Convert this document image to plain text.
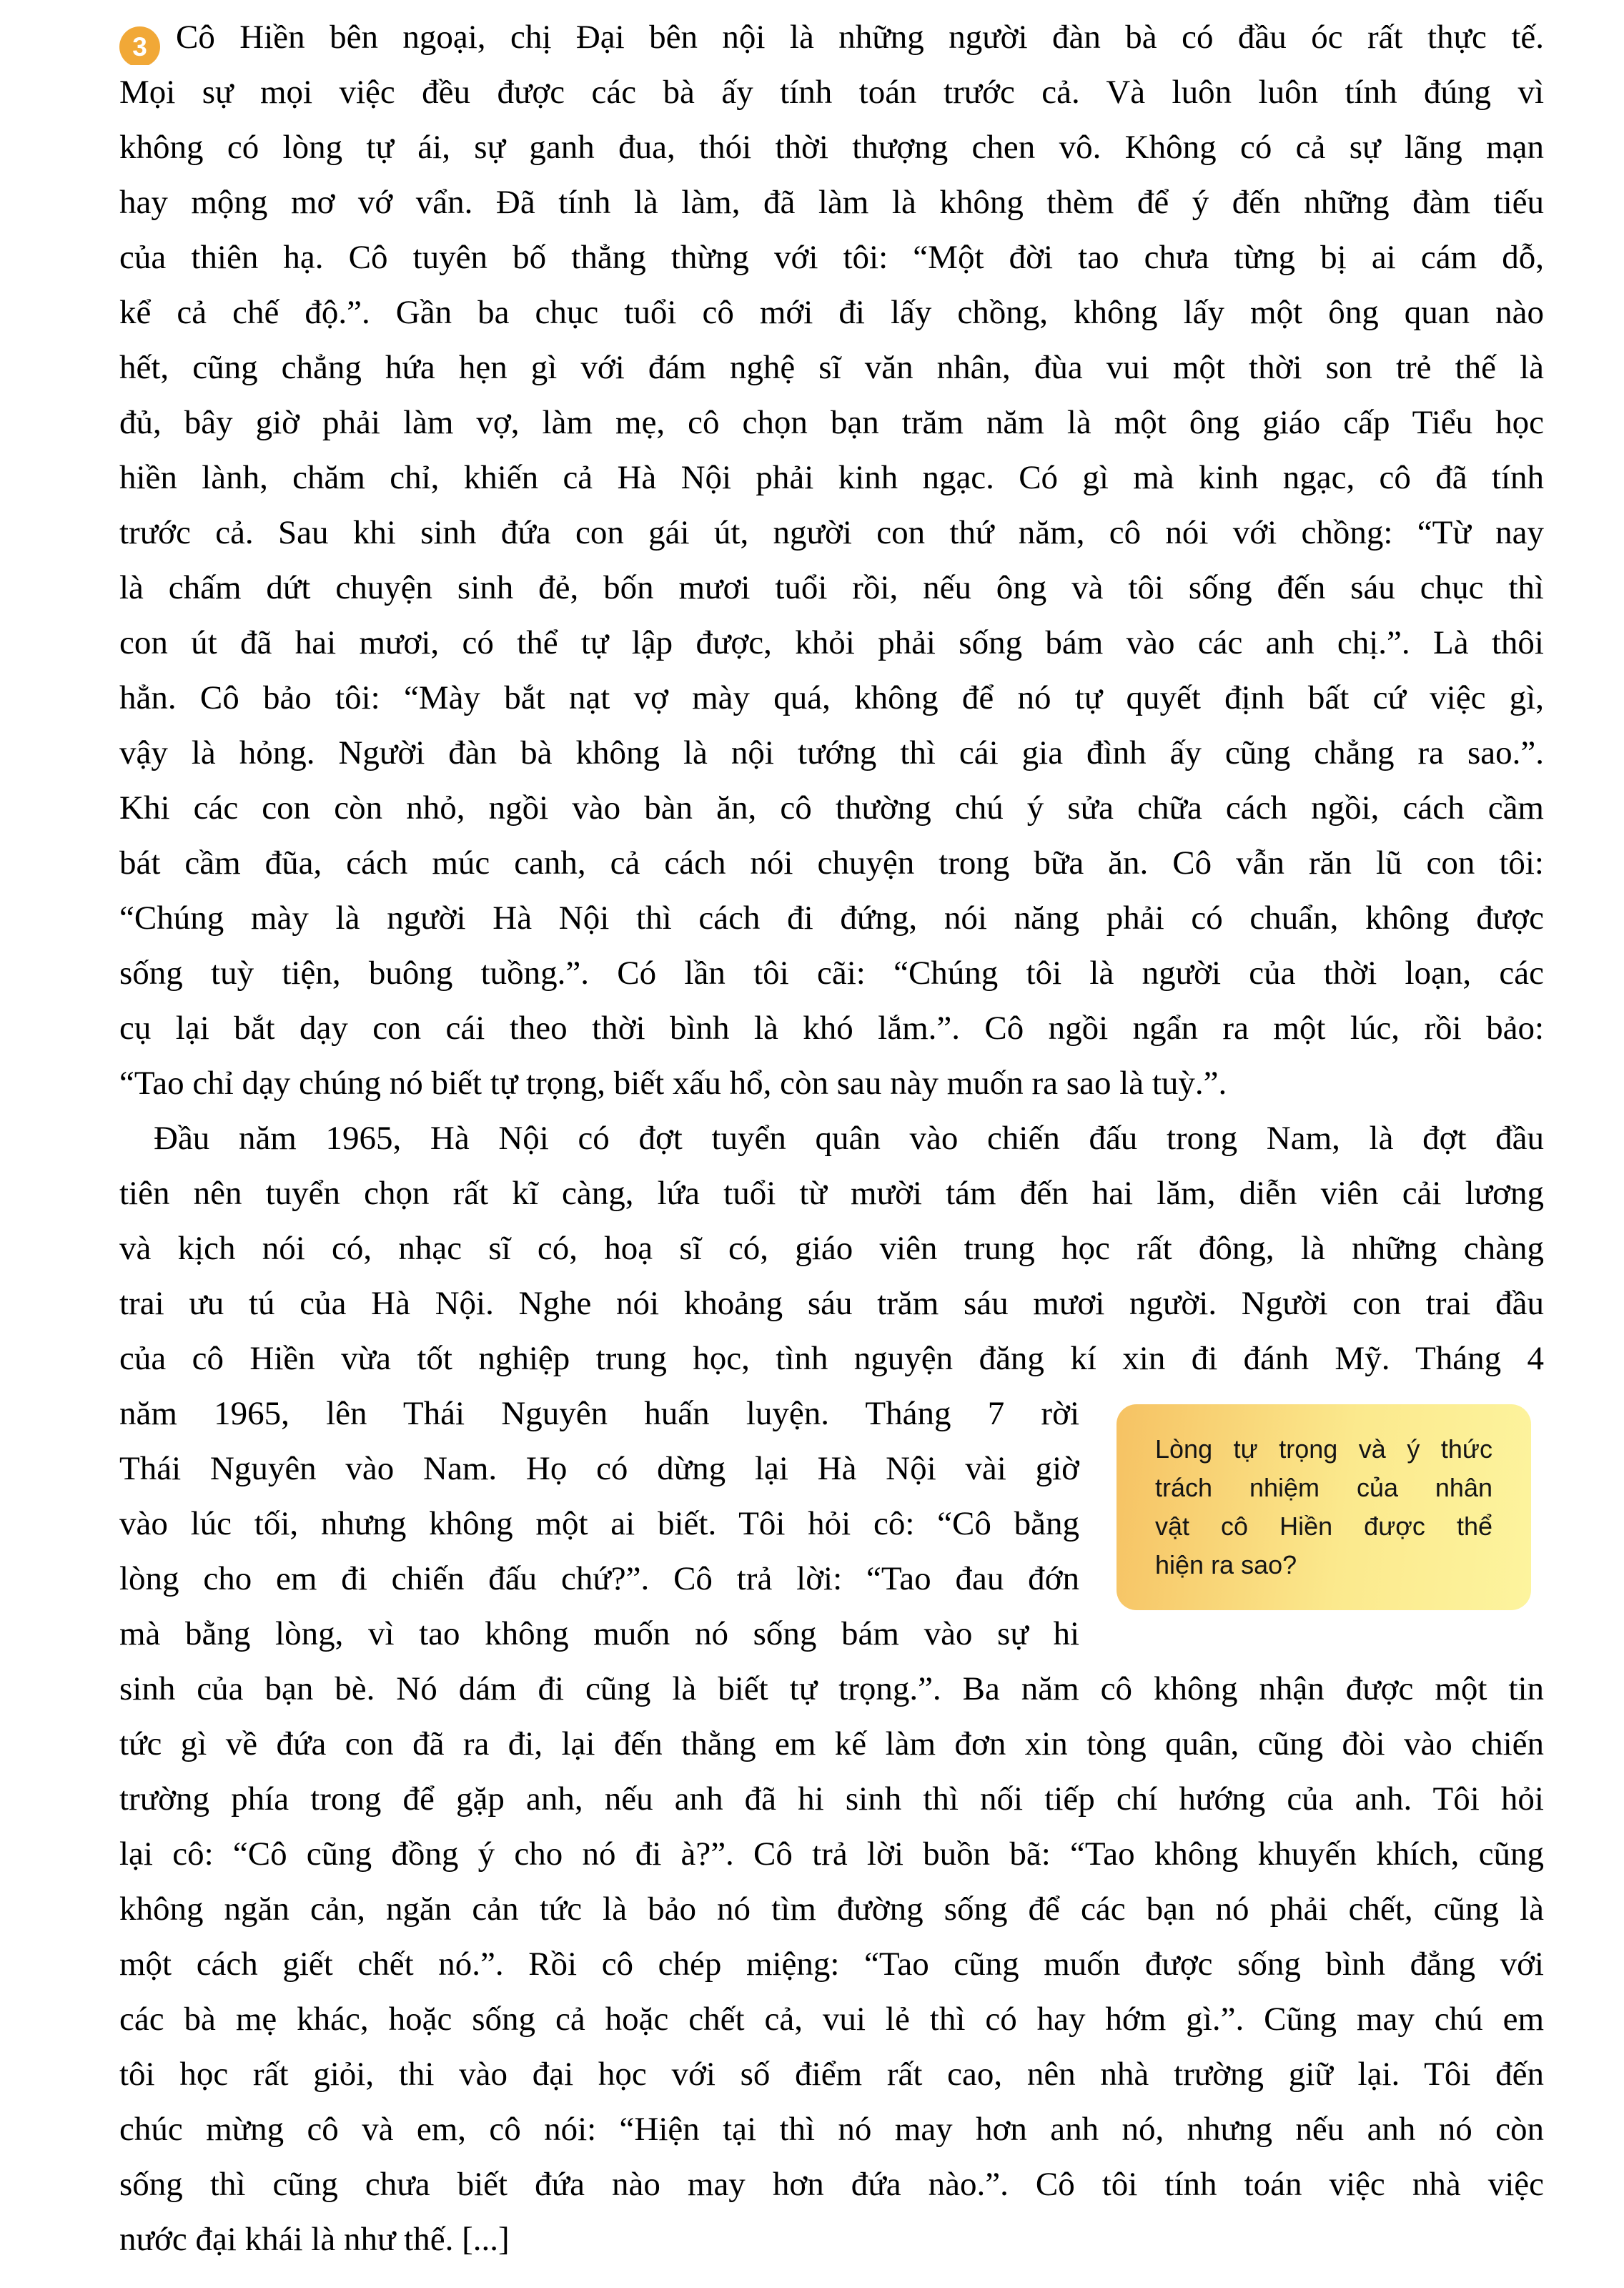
3 Cô Hiền bên ngoại, chị Đại bên nội là những người đàn bà có đầu óc rất thực tế.
Mọi sự mọi việc đều được các bà ấy tính toán trước cả. Và luôn luôn tính đúng vì
không có lòng tự ái, sự ganh đua, thói thời thượng chen vô. Không có cả sự lãng mạn
hay mộng mơ vớ vẩn. Đã tính là làm, đã làm là không thèm để ý đến những đàm tiếu
của thiên hạ. Cô tuyên bố thẳng thừng với tôi: “Một đời tao chưa từng bị ai cám dỗ,
kể cả chế độ.”. Gần ba chục tuổi cô mới đi lấy chồng, không lấy một ông quan nào
hết, cũng chẳng hứa hẹn gì với đám nghệ sĩ văn nhân, đùa vui một thời son trẻ thế là
đủ, bây giờ phải làm vợ, làm mẹ, cô chọn bạn trăm năm là một ông giáo cấp Tiểu học
hiền lành, chăm chỉ, khiến cả Hà Nội phải kinh ngạc. Có gì mà kinh ngạc, cô đã tính
trước cả. Sau khi sinh đứa con gái út, người con thứ năm, cô nói với chồng: “Từ nay
là chấm dứt chuyện sinh đẻ, bốn mươi tuổi rồi, nếu ông và tôi sống đến sáu chục thì
con út đã hai mươi, có thể tự lập được, khỏi phải sống bám vào các anh chị.”. Là thôi
hẳn. Cô bảo tôi: “Mày bắt nạt vợ mày quá, không để nó tự quyết định bất cứ việc gì,
vậy là hỏng. Người đàn bà không là nội tướng thì cái gia đình ấy cũng chẳng ra sao.”.
Khi các con còn nhỏ, ngồi vào bàn ăn, cô thường chú ý sửa chữa cách ngồi, cách cầm
bát cầm đũa, cách múc canh, cả cách nói chuyện trong bữa ăn. Cô vẫn răn lũ con tôi:
“Chúng mày là người Hà Nội thì cách đi đứng, nói năng phải có chuẩn, không được
sống tuỳ tiện, buông tuồng.”. Có lần tôi cãi: “Chúng tôi là người của thời loạn, các
cụ lại bắt dạy con cái theo thời bình là khó lắm.”. Cô ngồi ngẩn ra một lúc, rồi bảo:
“Tao chỉ dạy chúng nó biết tự trọng, biết xấu hổ, còn sau này muốn ra sao là tuỳ.”.
Đầu năm 1965, Hà Nội có đợt tuyển quân vào chiến đấu trong Nam, là đợt đầu
tiên nên tuyển chọn rất kĩ càng, lứa tuổi từ mười tám đến hai lăm, diễn viên cải lương
và kịch nói có, nhạc sĩ có, hoạ sĩ có, giáo viên trung học rất đông, là những chàng
trai ưu tú của Hà Nội. Nghe nói khoảng sáu trăm sáu mươi người. Người con trai đầu
của cô Hiền vừa tốt nghiệp trung học, tình nguyện đăng kí xin đi đánh Mỹ. Tháng 4
năm 1965, lên Thái Nguyên huấn luyện. Tháng 7 rời
Thái Nguyên vào Nam. Họ có dừng lại Hà Nội vài giờ
vào lúc tối, nhưng không một ai biết. Tôi hỏi cô: “Cô bằng
lòng cho em đi chiến đấu chứ?”. Cô trả lời: “Tao đau đớn
mà bằng lòng, vì tao không muốn nó sống bám vào sự hi
sinh của bạn bè. Nó dám đi cũng là biết tự trọng.”. Ba năm cô không nhận được một tin
tức gì về đứa con đã ra đi, lại đến thằng em kế làm đơn xin tòng quân, cũng đòi vào chiến
trường phía trong để gặp anh, nếu anh đã hi sinh thì nối tiếp chí hướng của anh. Tôi hỏi
lại cô: “Cô cũng đồng ý cho nó đi à?”. Cô trả lời buồn bã: “Tao không khuyến khích, cũng
không ngăn cản, ngăn cản tức là bảo nó tìm đường sống để các bạn nó phải chết, cũng là
một cách giết chết nó.”. Rồi cô chép miệng: “Tao cũng muốn được sống bình đẳng với
các bà mẹ khác, hoặc sống cả hoặc chết cả, vui lẻ thì có hay hớm gì.”. Cũng may chú em
tôi học rất giỏi, thi vào đại học với số điểm rất cao, nên nhà trường giữ lại. Tôi đến
chúc mừng cô và em, cô nói: “Hiện tại thì nó may hơn anh nó, nhưng nếu anh nó còn
sống thì cũng chưa biết đứa nào may hơn đứa nào.”. Cô tôi tính toán việc nhà việc
nước đại khái là như thế. [...]
Lòng tự trọng và ý thức
trách nhiệm của nhân
vật cô Hiền được thể
hiện ra sao?
